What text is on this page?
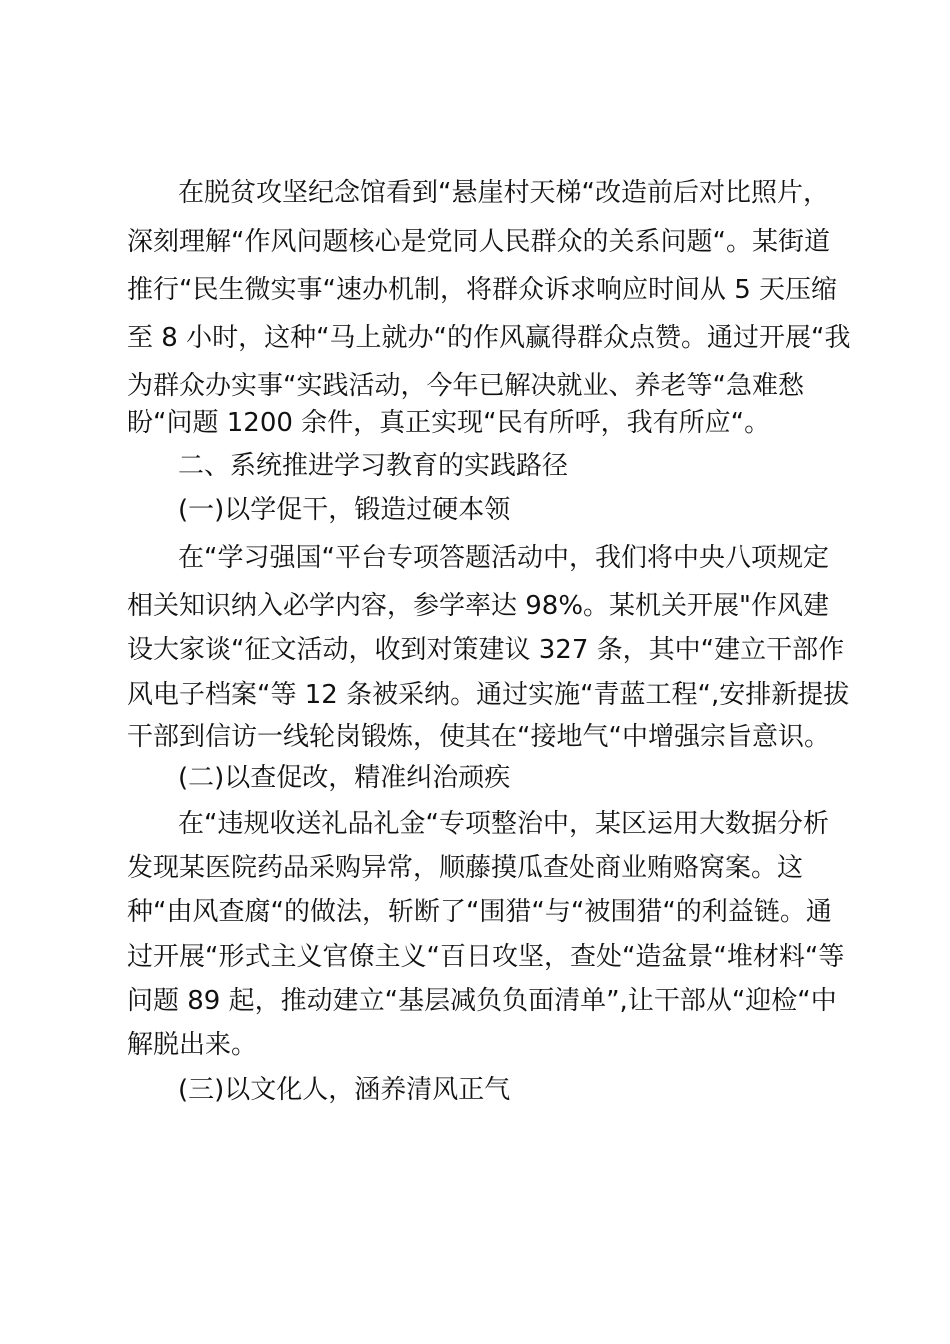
在脱贫攻坚纪念馆看到“悬崖村天梯“改造前后对比照片，

深刻理解“作风问题核心是党同人民群众的关系问题“。某街道

推行“民生微实事“速办机制，将群众诉求响应时间从 5 天压缩

至 8 小时，这种“马上就办“的作风赢得群众点赞。通过开展“我

为群众办实事“实践活动，今年已解决就业、养老等“急难愁

盼“问题 1200 余件，真正实现“民有所呼，我有所应“。

二、系统推进学习教育的实践路径

(一)以学促干，锻造过硬本领

在“学习强国“平台专项答题活动中，我们将中央八项规定

相关知识纳入必学内容，参学率达 98%。某机关开展"作风建

设大家谈“征文活动，收到对策建议 327 条，其中“建立干部作

风电子档案“等 12 条被采纳。通过实施“青蓝工程“,安排新提拔

干部到信访一线轮岗锻炼，使其在“接地气“中增强宗旨意识。

(二)以查促改，精准纠治顽疾

在“违规收送礼品礼金“专项整治中，某区运用大数据分析

发现某医院药品采购异常，顺藤摸瓜查处商业贿赂窝案。这

种“由风查腐“的做法，斩断了“围猎“与“被围猎“的利益链。通

过开展“形式主义官僚主义“百日攻坚，查处“造盆景“堆材料“等

问题 89 起，推动建立“基层减负负面清单”,让干部从“迎检“中

解脱出来。

(三)以文化人，涵养清风正气
